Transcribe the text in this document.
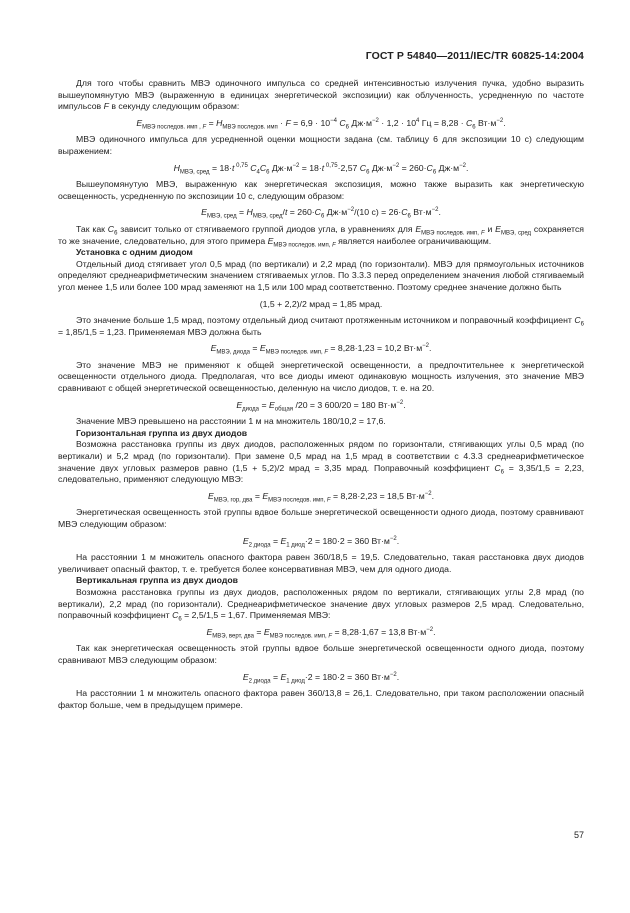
ГОСТ Р 54840—2011/IEC/TR 60825-14:2004

Для того чтобы сравнить МВЭ одиночного импульса со средней интенсивностью излучения пучка, удобно выразить вышеупомянутую МВЭ (выраженную в единицах энергетической экспозиции) как облученность, усредненную по частоте импульсов F в секунду следующим образом:

$E_{МВЭ последов. имп , F} = H_{МВЭ последов. имп} \cdot F = 6,9 \cdot 10^{-4}$ $C_6$ $Дж\cdot м^{-2} \cdot 1,2 \cdot 10^4$ Гц = $8,28 \cdot C_6$ $Вт\cdot м^{-2}$.

МВЭ одиночного импульса для усредненной оценки мощности задана (см. таблицу 6 для экспозиции 10 с) следующим выражением:

$H_{МВЭ, сред} = 18\cdot t$ $^{0,75}$ $C_4C_6$ $Дж\cdot м^{-2} = 18\cdot t$ $^{0,75}$·2,57 $C_6$ $Дж\cdot м^{-2} = 260\cdot C_6$ $Дж\cdot м^{-2}$.

Вышеупомянутую МВЭ, выраженную как энергетическая экспозиция, можно также выразить как энергетическую освещенность, усредненную по экспозиции 10 с, следующим образом:

$E_{МВЭ, сред} = H_{МВЭ, сред}/t = 260\cdot C_6$ $Дж\cdot м^{-2}/(10$ $с) = 26\cdot C_6$ $Вт\cdot м^{-2}$.

Так как $C_6$ зависит только от стягиваемого группой диодов угла, в уравнениях для $E_{МВЭ последов. имп, F}$ и $E_{МВЭ, сред}$ сохраняется то же значение, следовательно, для этого примера $E_{МВЭ последов. имп, F}$ является наиболее ограничивающим.

Установка с одним диодом

Отдельный диод стягивает угол 0,5 мрад (по вертикали) и 2,2 мрад (по горизонтали). МВЭ для прямоугольных источников определяют среднеарифметическим значением стягиваемых углов. По 3.3.3 перед определением значения любой стягиваемый угол менее 1,5 или более 100 мрад заменяют на 1,5 или 100 мрад соответственно. Поэтому среднее значение должно быть

(1,5 + 2,2)/2 мрад = 1,85 мрад.

Это значение больше 1,5 мрад, поэтому отдельный диод считают протяженным источником и поправочный коэффициент $C_6 = 1,85/1,5 = 1,23$. Применяемая МВЭ должна быть

$E_{МВЭ, диода} = E_{МВЭ последов. имп, F} = 8,28\cdot 1,23 = 10,2$ $Вт\cdot м^{-2}$.

Это значение МВЭ не применяют к общей энергетической освещенности, а предпочтительнее к энергетической освещенности отдельного диода. Предполагая, что все диоды имеют одинаковую мощность излучения, это значение МВЭ сравнивают с общей энергетической освещенностью, деленную на число диодов, т. е. на 20.

$E_{диода} = E_{общая}$ /20 = 3 600/20 = 180 $Вт\cdot м^{-2}$.

Значение МВЭ превышено на расстоянии 1 м на множитель 180/10,2 = 17,6.

Горизонтальная группа из двух диодов

Возможна расстановка группы из двух диодов, расположенных рядом по горизонтали, стягивающих углы 0,5 мрад (по вертикали) и 5,2 мрад (по горизонтали). При замене 0,5 мрад на 1,5 мрад в соответствии с 4.3.3 среднеарифметическое значение двух угловых размеров равно (1,5 + 5,2)/2 мрад = 3,35 мрад. Поправочный коэффициент $C_6 = 3,35/1,5 = 2,23$, следовательно, применяют следующую МВЭ:

$E_{МВЭ, гор, два} = E_{МВЭ последов. имп, F} = 8,28\cdot 2,23 = 18,5$ $Вт\cdot м^{-2}$.

Энергетическая освещенность этой группы вдвое больше энергетической освещенности одного диода, поэтому сравнивают МВЭ следующим образом:

$E_{2 диода} = E_{1 диод}\cdot 2 = 180\cdot 2 = 360$ $Вт\cdot м^{-2}$.

На расстоянии 1 м множитель опасного фактора равен 360/18,5 = 19,5. Следовательно, такая расстановка двух диодов увеличивает опасный фактор, т. е. требуется более консервативная МВЭ, чем для одного диода.

Вертикальная группа из двух диодов

Возможна расстановка группы из двух диодов, расположенных рядом по вертикали, стягивающих углы 2,8 мрад (по вертикали), 2,2 мрад (по горизонтали). Среднеарифметическое значение двух угловых размеров 2,5 мрад. Следовательно, поправочный коэффициент $C_6 = 2,5/1,5 = 1,67$. Применяемая МВЭ:

$E_{МВЭ, верт, два} = E_{МВЭ последов. имп, F} = 8,28\cdot 1,67 = 13,8$ $Вт\cdot м^{-2}$.

Так как энергетическая освещенность этой группы вдвое больше энергетической освещенности одного диода, поэтому сравнивают МВЭ следующим образом:

$E_{2 диода} = E_{1 диод}\cdot 2 = 180\cdot 2 = 360$ $Вт\cdot м^{-2}$.

На расстоянии 1 м множитель опасного фактора равен 360/13,8 = 26,1. Следовательно, при таком расположении опасный фактор больше, чем в предыдущем примере.

57
